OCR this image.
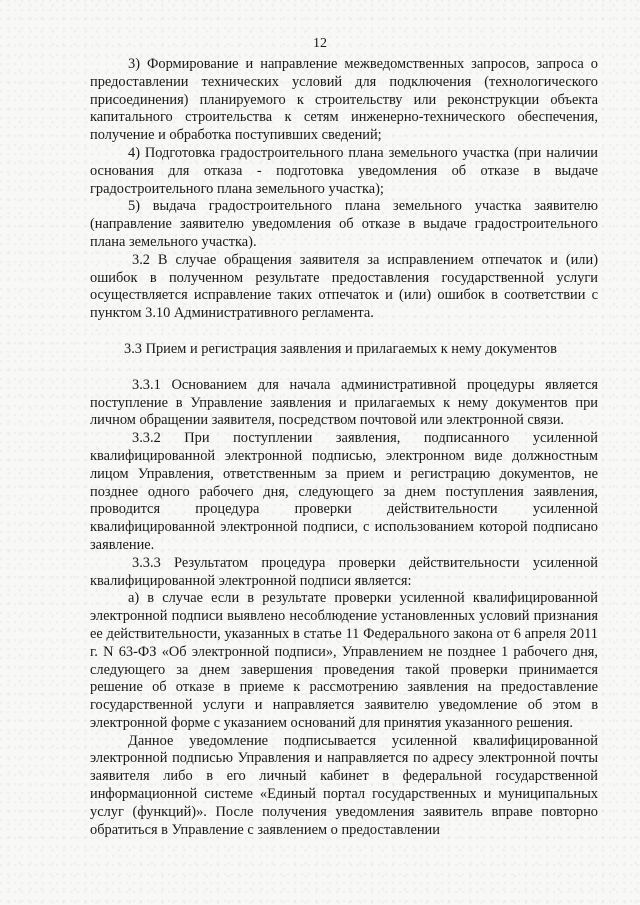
12

3) Формирование и направление межведомственных запросов, запроса о предоставлении технических условий для подключения (технологического присоединения) планируемого к строительству или реконструкции объекта капитального строительства к сетям инженерно-технического обеспечения, получение и обработка поступивших сведений;

4) Подготовка градостроительного плана земельного участка (при наличии основания для отказа - подготовка уведомления об отказе в выдаче градостроительного плана земельного участка);

5) выдача градостроительного плана земельного участка заявителю (направление заявителю уведомления об отказе в выдаче градостроительного плана земельного участка).

3.2 В случае обращения заявителя за исправлением отпечаток и (или) ошибок в полученном результате предоставления государственной услуги осуществляется исправление таких отпечаток и (или) ошибок в соответствии с пунктом 3.10 Административного регламента.

3.3 Прием и регистрация заявления и прилагаемых к нему документов

3.3.1 Основанием для начала административной процедуры является поступление в Управление заявления и прилагаемых к нему документов при личном обращении заявителя, посредством почтовой или электронной связи.

3.3.2 При поступлении заявления, подписанного усиленной квалифицированной электронной подписью, электронном виде должностным лицом Управления, ответственным за прием и регистрацию документов, не позднее одного рабочего дня, следующего за днем поступления заявления, проводится процедура проверки действительности усиленной квалифицированной электронной подписи, с использованием которой подписано заявление.

3.3.3 Результатом процедура проверки действительности усиленной квалифицированной электронной подписи является:

а) в случае если в результате проверки усиленной квалифицированной электронной подписи выявлено несоблюдение установленных условий признания ее действительности, указанных в статье 11 Федерального закона от 6 апреля 2011 г. N 63-ФЗ «Об электронной подписи», Управлением не позднее 1 рабочего дня, следующего за днем завершения проведения такой проверки принимается решение об отказе в приеме к рассмотрению заявления на предоставление государственной услуги и направляется заявителю уведомление об этом в электронной форме с указанием оснований для принятия указанного решения.

Данное уведомление подписывается усиленной квалифицированной электронной подписью Управления и направляется по адресу электронной почты заявителя либо в его личный кабинет в федеральной государственной информационной системе «Единый портал государственных и муниципальных услуг (функций)». После получения уведомления заявитель вправе повторно обратиться в Управление с заявлением о предоставлении
